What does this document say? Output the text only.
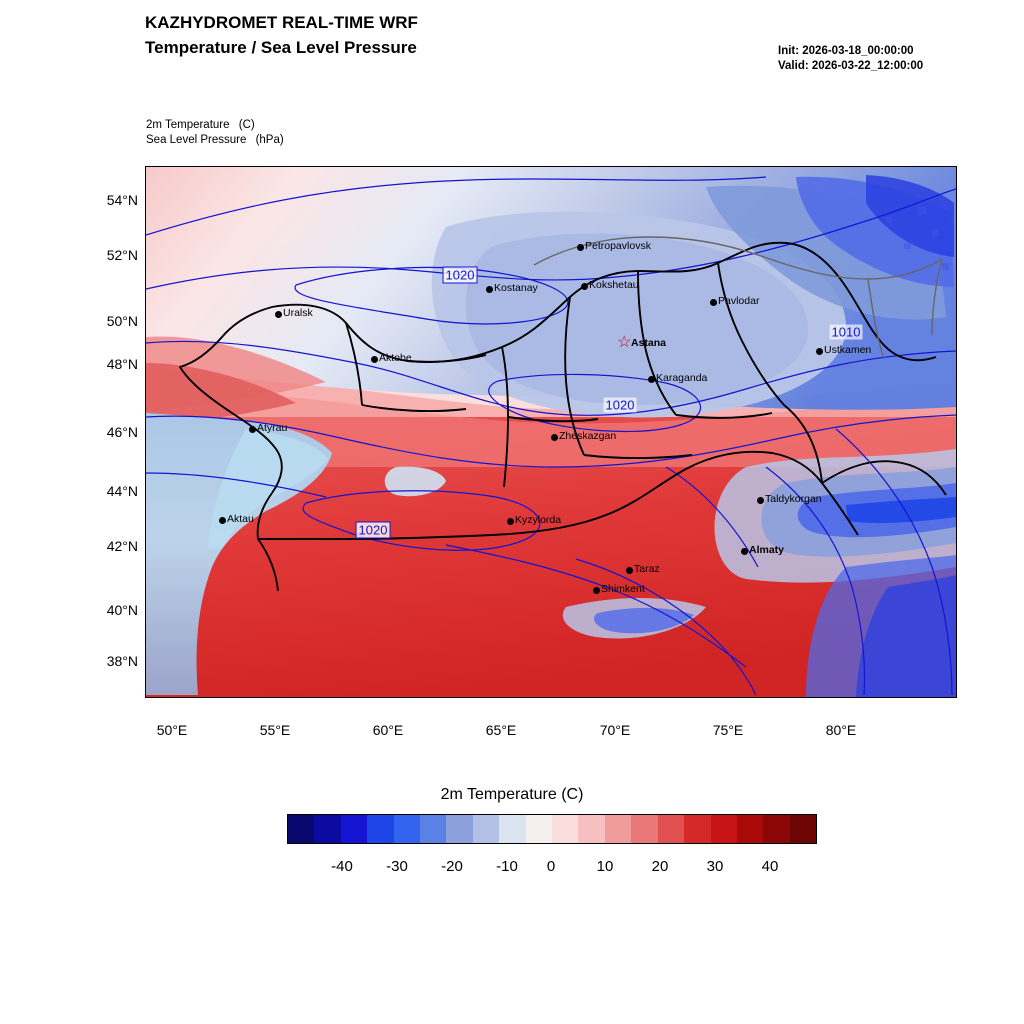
KAZHYDROMET REAL-TIME WRF
Temperature / Sea Level Pressure	Init: 2026-03-18_00:00:00
Valid: 2026-03-22_12:00:00
2m Temperature (C)
Sea Level Pressure (hPa)
1020
1010
1020
1020
Petropavlovsk
Kostanay	Kokshetau
Pavlodar
Uralsk
☆ Astana
Ustkamen
Aktobe
Karaganda
Atyrau
Zheskazgan
Taldykorgan
Aktau	Kyzylorda
Almaty
Taraz
Shimkent
54°N
52°N
50°N
48°N
46°N
44°N
42°N
40°N
38°N
50°E	55°E	60°E	65°E	70°E	75°E	80°E
2m Temperature (C)
-40 -30 -20 -10 0	10	20	30	40
